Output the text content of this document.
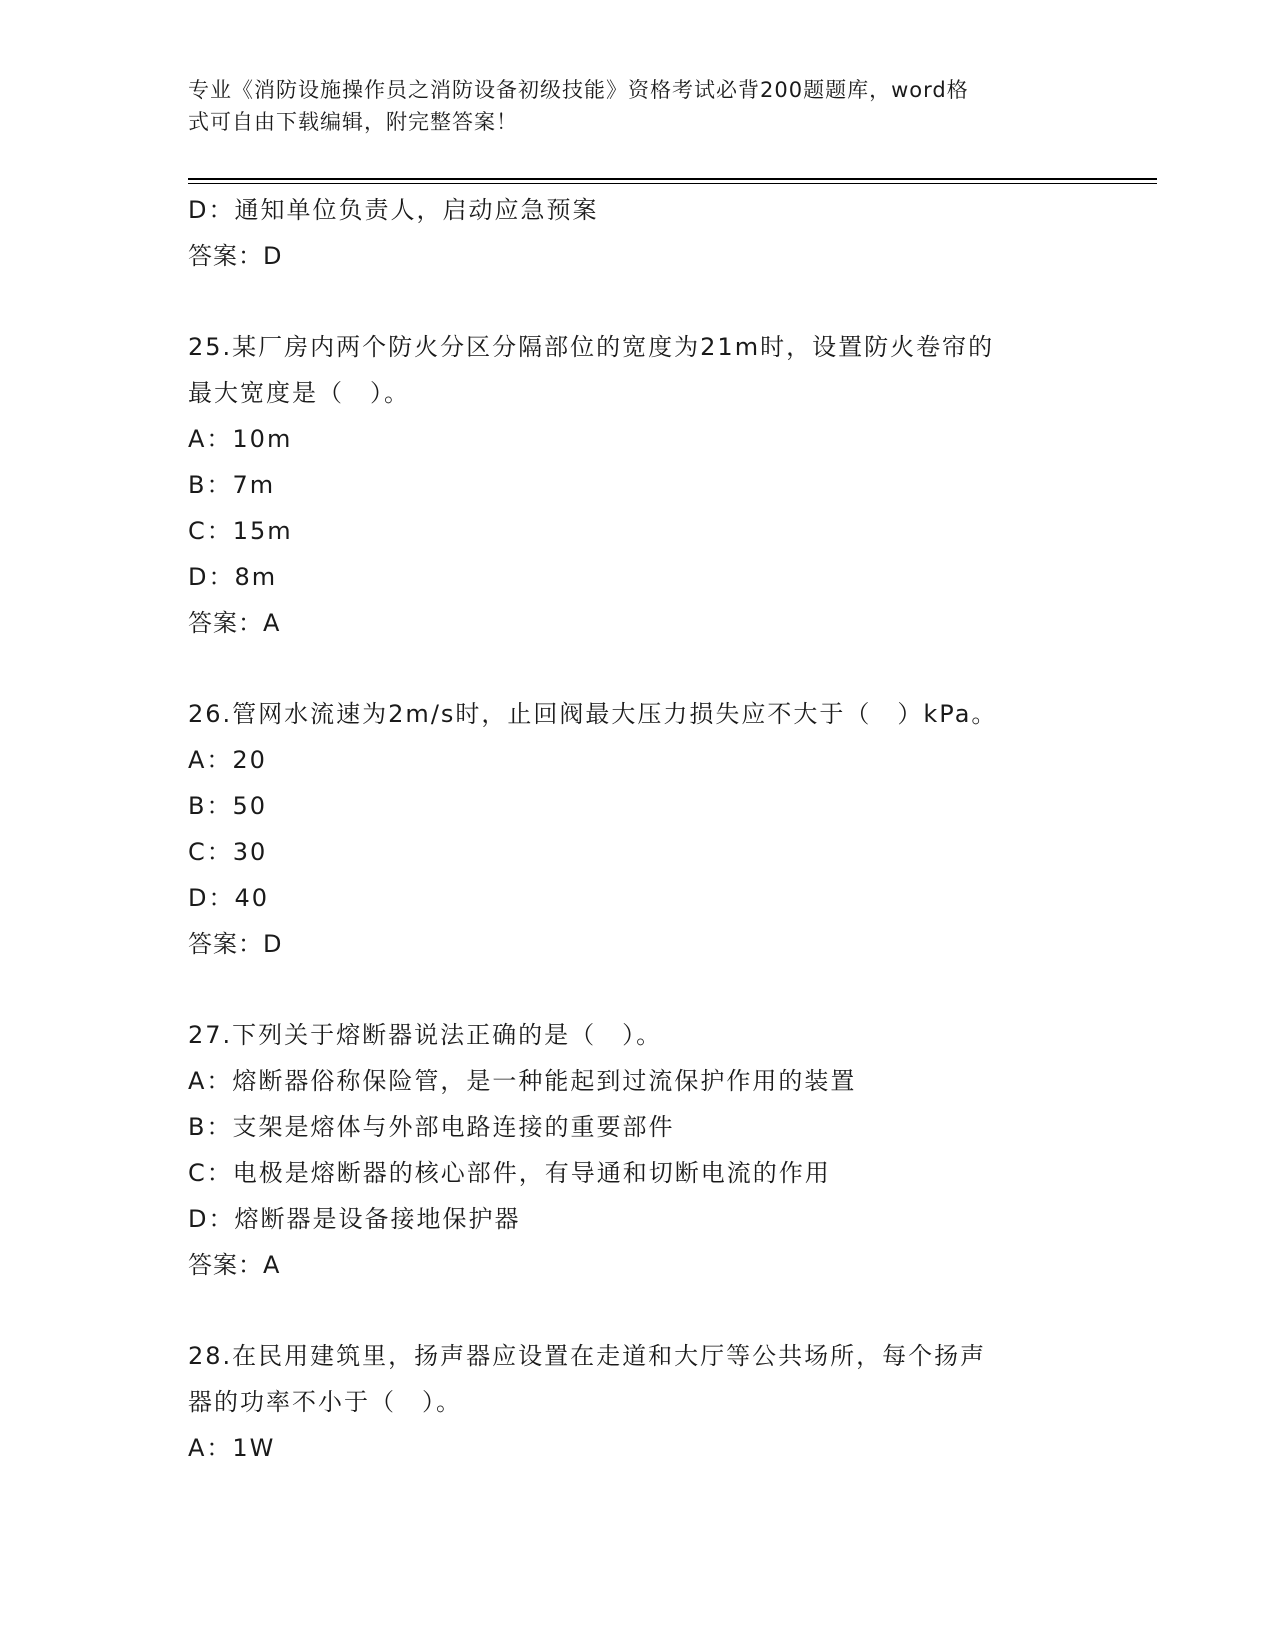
专业《消防设施操作员之消防设备初级技能》资格考试必背200题题库，word格
式可自由下载编辑，附完整答案！
D：通知单位负责人，启动应急预案
答案：D
25.某厂房内两个防火分区分隔部位的宽度为21m时，设置防火卷帘的
最大宽度是（　）。
A：10m
B：7m
C：15m
D：8m
答案：A
26.管网水流速为2m/s时，止回阀最大压力损失应不大于（　）kPa。
A：20
B：50
C：30
D：40
答案：D
27.下列关于熔断器说法正确的是（　）。
A：熔断器俗称保险管，是一种能起到过流保护作用的装置
B：支架是熔体与外部电路连接的重要部件
C：电极是熔断器的核心部件，有导通和切断电流的作用
D：熔断器是设备接地保护器
答案：A
28.在民用建筑里，扬声器应设置在走道和大厅等公共场所，每个扬声
器的功率不小于（　）。
A：1W
